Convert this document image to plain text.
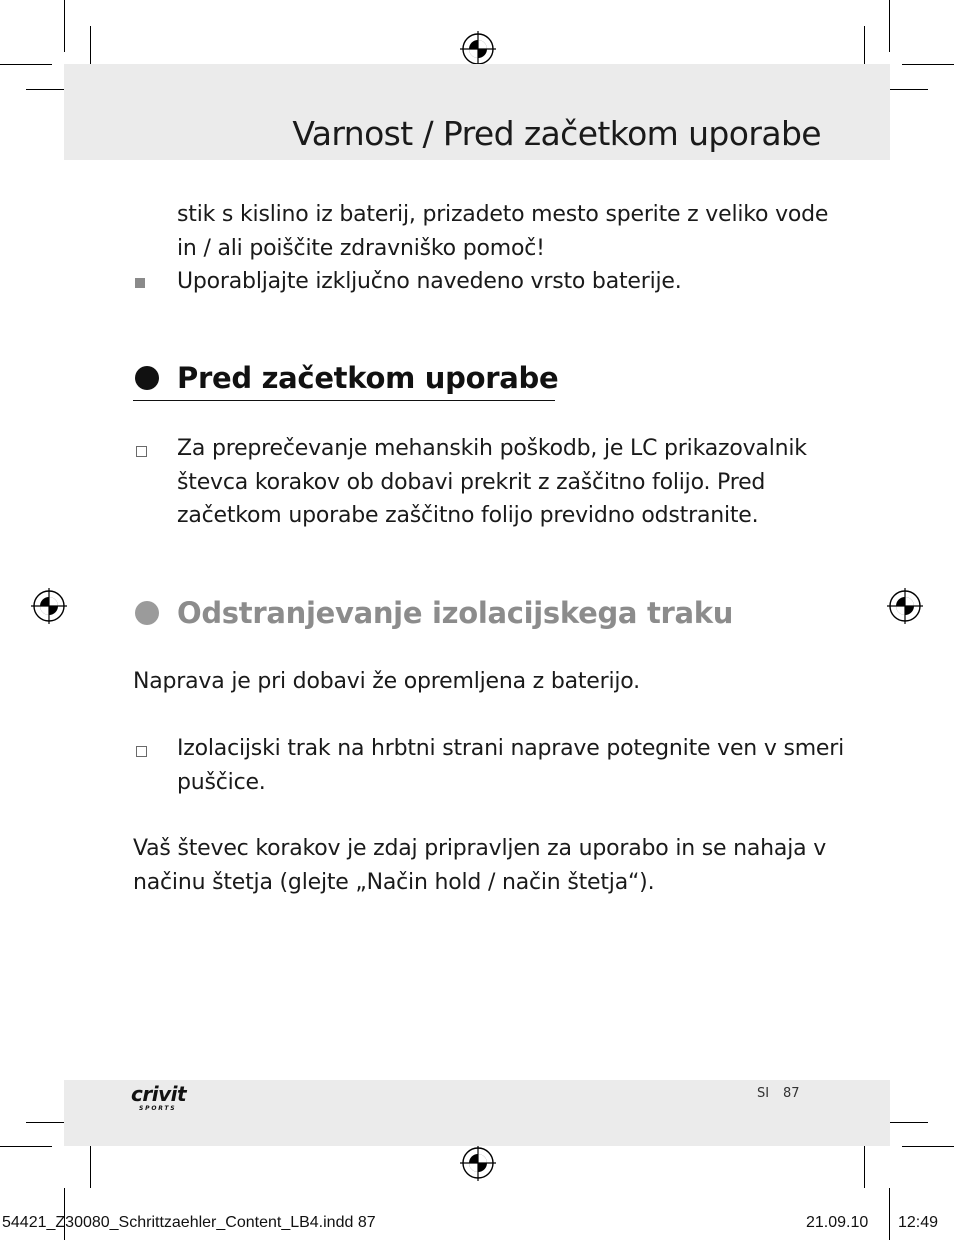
Varnost / Pred začetkom uporabe
stik s kislino iz baterij, prizadeto mesto sperite z veliko vode
in / ali poiščite zdravniško pomoč!
Uporabljajte izključno navedeno vrsto baterije.
Pred začetkom uporabe
Za preprečevanje mehanskih poškodb, je LC prikazovalnik
števca korakov ob dobavi prekrit z zaščitno folijo. Pred
začetkom uporabe zaščitno folijo previdno odstranite.
Odstranjevanje izolacijskega traku
Naprava je pri dobavi že opremljena z baterijo.
Izolacijski trak na hrbtni strani naprave potegnite ven v smeri
puščice.
Vaš števec korakov je zdaj pripravljen za uporabo in se nahaja v
načinu štetja (glejte „Način hold / način štetja“).
crivit
SPORTS
SI 87
54421_Z30080_Schrittzaehler_Content_LB4.indd 87	21.09.10 12:49
